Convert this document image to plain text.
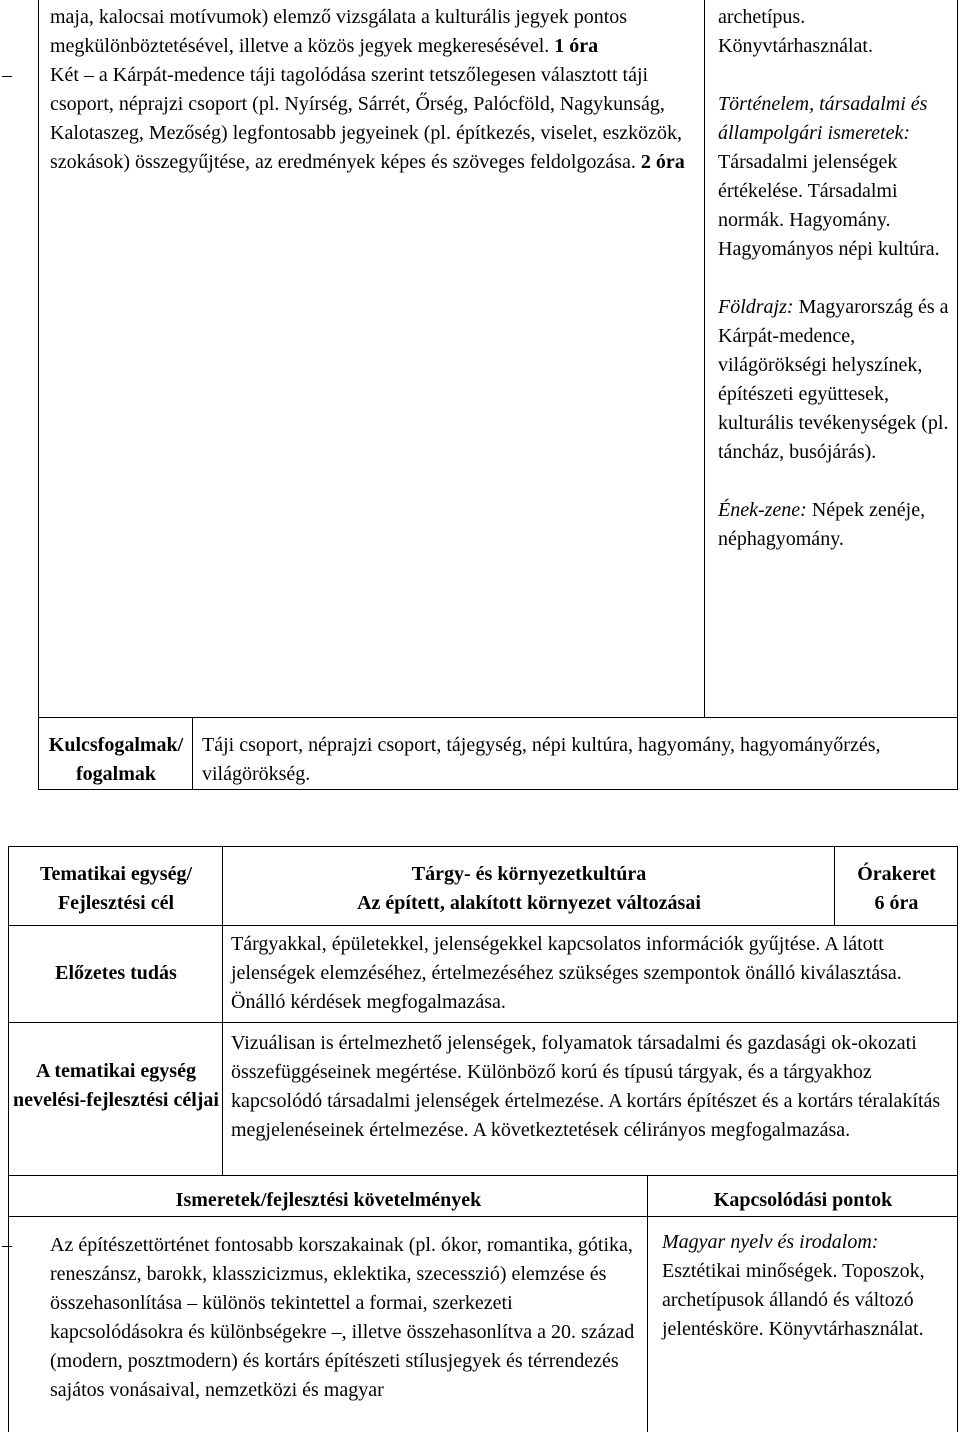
maja, kalocsai motívumok) elemző vizsgálata a kulturális jegyek pontos megkülönböztetésével, illetve a közös jegyek megkeresésével. 1 óra

– Két – a Kárpát-medence táji tagolódása szerint tetszőlegesen választott táji csoport, néprajzi csoport (pl. Nyírség, Sárrét, Őrség, Palócföld, Nagykunság, Kalotaszeg, Mezőség) legfontosabb jegyeinek (pl. építkezés, viselet, eszközök, szokások) összegyűjtése, az eredmények képes és szöveges feldolgozása. 2 óra

archetípus. Könyvtárhasználat.

Történelem, társadalmi és állampolgári ismeretek: Társadalmi jelenségek értékelése. Társadalmi normák. Hagyomány. Hagyományos népi kultúra.

Földrajz: Magyarország és a Kárpát-medence, világörökségi helyszínek, építészeti együttesek, kulturális tevékenységek (pl. táncház, busójárás).

Ének-zene: Népek zenéje, néphagyomány.

Kulcsfogalmak/ fogalmak
Táji csoport, néprajzi csoport, tájegység, népi kultúra, hagyomány, hagyományőrzés, világörökség.
Tematikai egység/ Fejlesztési cél
Tárgy- és környezetkultúra
Az épített, alakított környezet változásai
Órakeret
6 óra
Előzetes tudás
Tárgyakkal, épületekkel, jelenségekkel kapcsolatos információk gyűjtése. A látott jelenségek elemzéséhez, értelmezéséhez szükséges szempontok önálló kiválasztása. Önálló kérdések megfogalmazása.
A tematikai egység nevelési-fejlesztési céljai
Vizuálisan is értelmezhető jelenségek, folyamatok társadalmi és gazdasági ok-okozati összefüggéseinek megértése. Különböző korú és típusú tárgyak, és a tárgyakhoz kapcsolódó társadalmi jelenségek értelmezése. A kortárs építészet és a kortárs téralakítás megjelenéseinek értelmezése. A következtetések célirányos megfogalmazása.
Ismeretek/fejlesztési követelmények	Kapcsolódási pontok

– Az építészettörténet fontosabb korszakainak (pl. ókor, romantika, gótika, reneszánsz, barokk, klasszicizmus, eklektika, szecesszió) elemzése és összehasonlítása – különös tekintettel a formai, szerkezeti kapcsolódásokra és különbségekre –, illetve összehasonlítva a 20. század (modern, posztmodern) és kortárs építészeti stílusjegyek és térrendezés sajátos vonásaival, nemzetközi és magyar

Magyar nyelv és irodalom: Esztétikai minőségek. Toposzok, archetípusok állandó és változó jelentésköre. Könyvtárhasználat.
